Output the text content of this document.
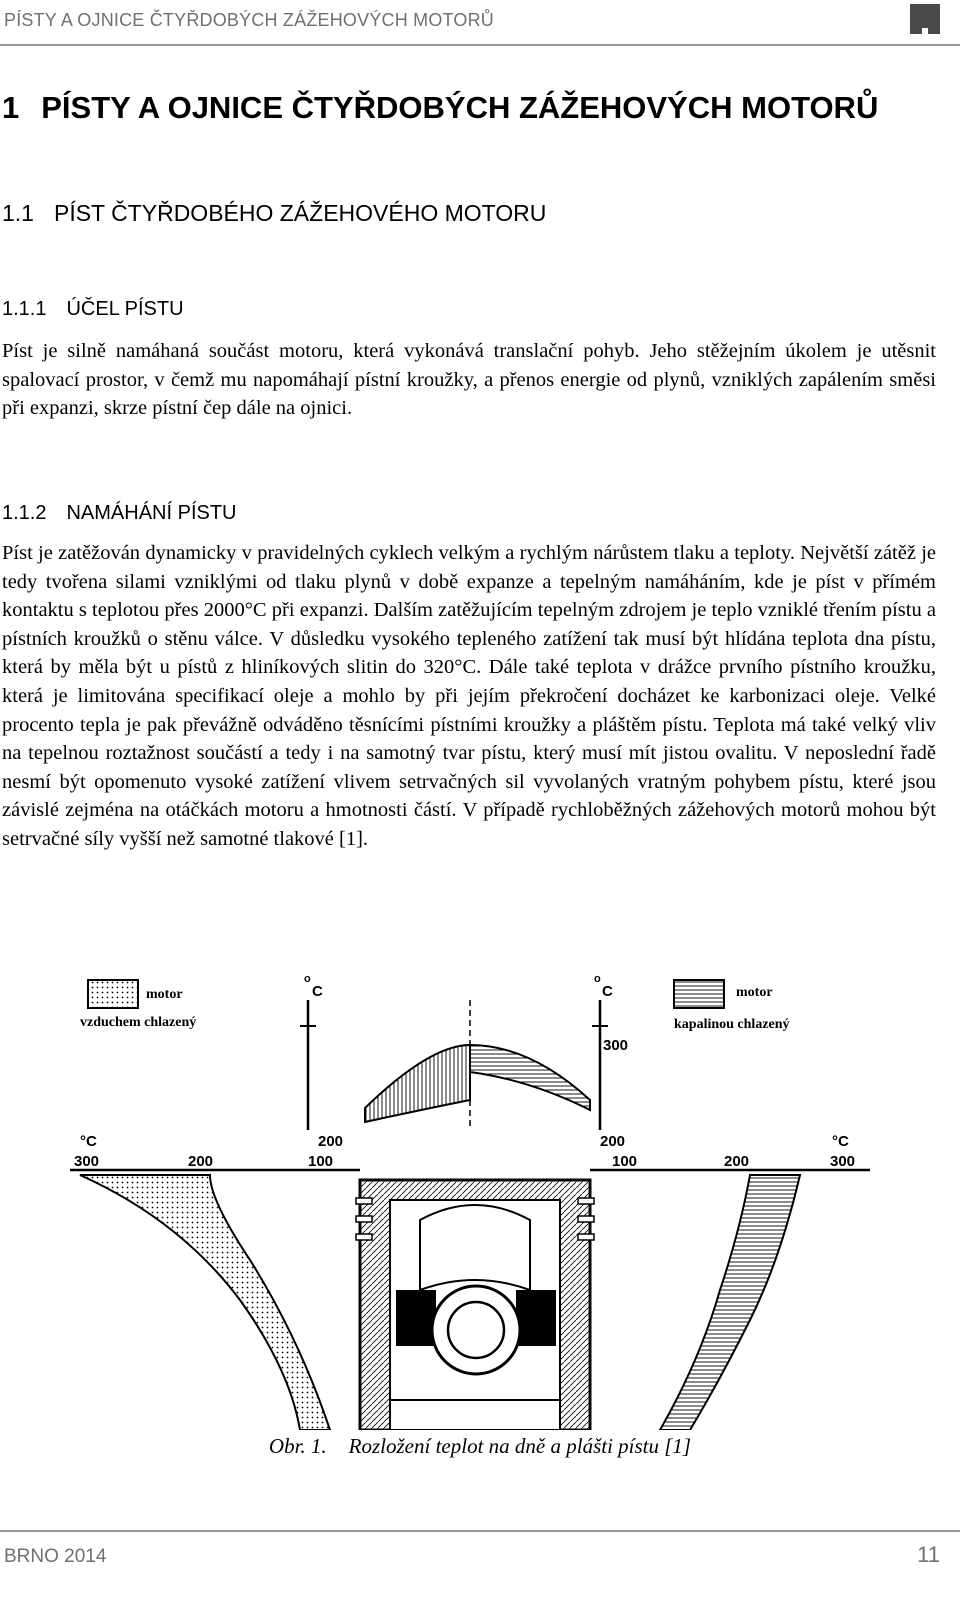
PÍSTY A OJNICE ČTYŘDOBÝCH ZÁŽEHOVÝCH MOTORŮ
1 PÍSTY A OJNICE ČTYŘDOBÝCH ZÁŽEHOVÝCH MOTORŮ
1.1 PÍST ČTYŘDOBÉHO ZÁŽEHOVÉHO MOTORU
1.1.1 ÚČEL PÍSTU

Píst je silně namáhaná součást motoru, která vykonává translační pohyb. Jeho stěžejním úkolem je utěsnit spalovací prostor, v čemž mu napomáhají pístní kroužky, a přenos energie od plynů, vzniklých zapálením směsi při expanzi, skrze pístní čep dále na ojnici.

1.1.2 NAMÁHÁNÍ PÍSTU

Píst je zatěžován dynamicky v pravidelných cyklech velkým a rychlým nárůstem tlaku a teploty. Největší zátěž je tedy tvořena silami vzniklými od tlaku plynů v době expanze a tepelným namáháním, kde je píst v přímém kontaktu s teplotou přes 2000°C při expanzi. Dalším zatěžujícím tepelným zdrojem je teplo vzniklé třením pístu a pístních kroužků o stěnu válce. V důsledku vysokého tepleného zatížení tak musí být hlídána teplota dna pístu, která by měla být u pístů z hliníkových slitin do 320°C. Dále také teplota v drážce prvního pístního kroužku, která je limitována specifikací oleje a mohlo by při jejím překročení docházet ke karbonizaci oleje. Velké procento tepla je pak převážně odváděno těsnícími pístními kroužky a pláštěm pístu. Teplota má také velký vliv na tepelnou roztažnost součástí a tedy i na samotný tvar pístu, který musí mít jistou ovalitu. V neposlední řadě nesmí být opomenuto vysoké zatížení vlivem setrvačných sil vyvolaných vratným pohybem pístu, které jsou závislé zejména na otáčkách motoru a hmotnosti částí. V případě rychloběžných zážehových motorů mohou být setrvačné síly vyšší než samotné tlakové [1].

motor
vzduchem chlazený
motor
kapalinou chlazený
o
C
o
C
200
100
200
100
300
°C
300	200
°C
200	300
Obr. 1. Rozložení teplot na dně a plášti pístu [1]
BRNO 2014	11
